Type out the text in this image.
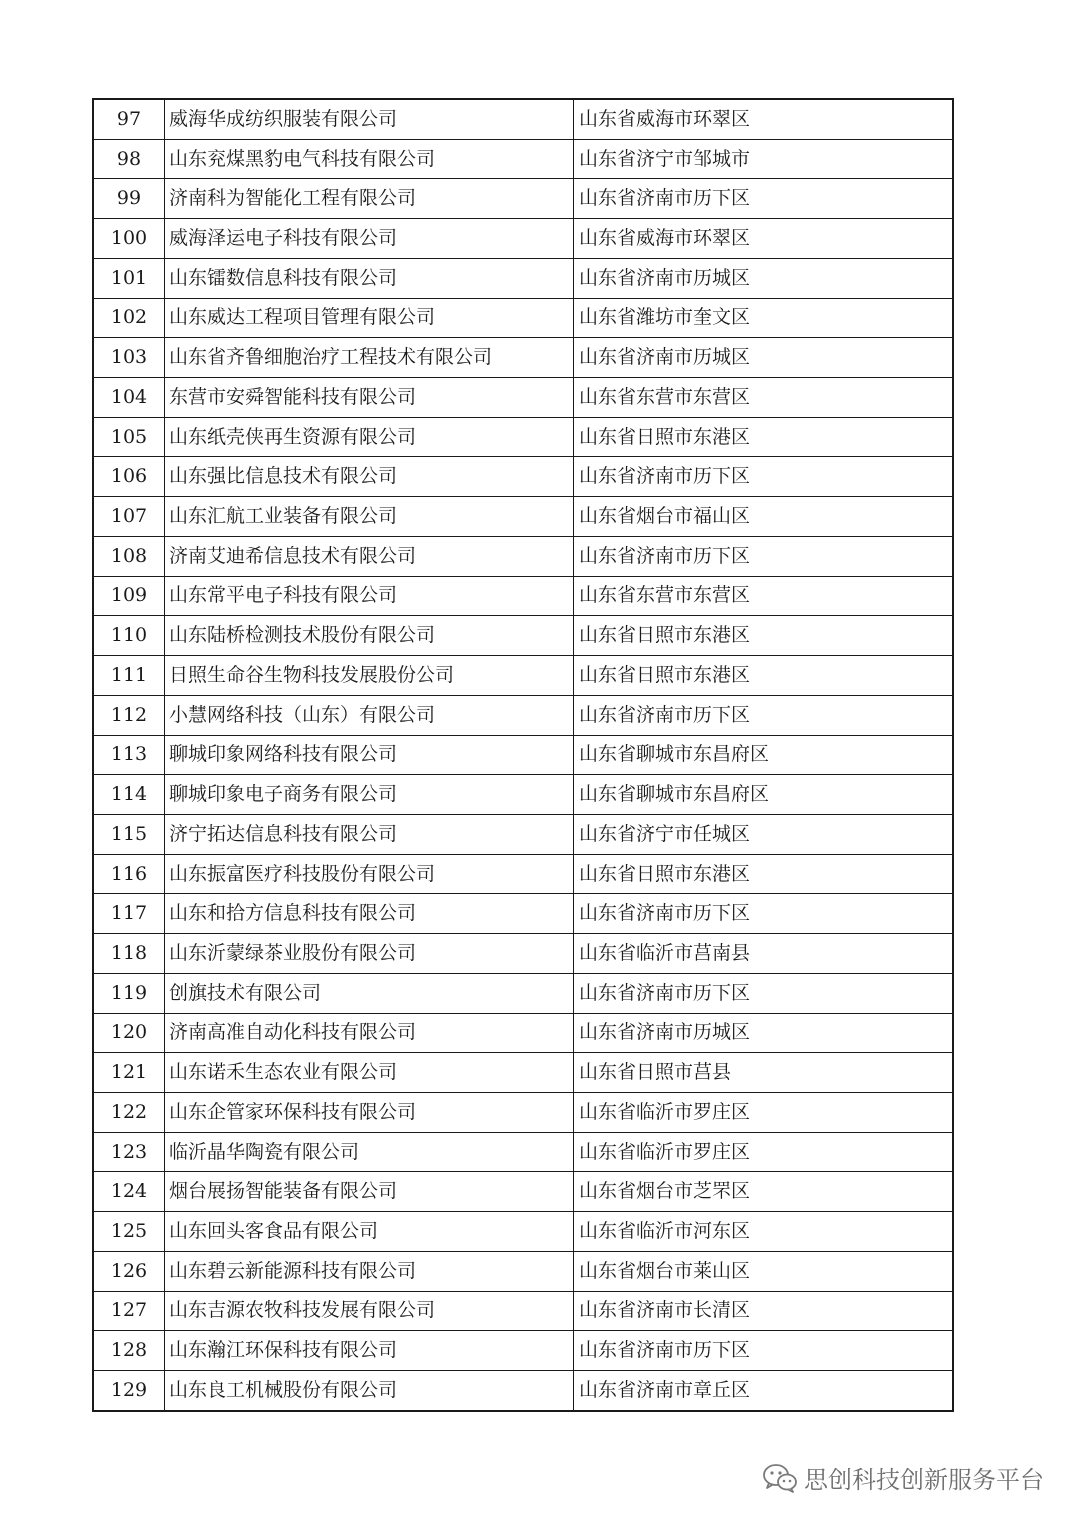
97	威海华成纺织服装有限公司	山东省威海市环翠区
98	山东兖煤黑豹电气科技有限公司	山东省济宁市邹城市
99	济南科为智能化工程有限公司	山东省济南市历下区
100	威海泽运电子科技有限公司	山东省威海市环翠区
101	山东镭数信息科技有限公司	山东省济南市历城区
102	山东威达工程项目管理有限公司	山东省潍坊市奎文区
103	山东省齐鲁细胞治疗工程技术有限公司	山东省济南市历城区
104	东营市安舜智能科技有限公司	山东省东营市东营区
105	山东纸壳侠再生资源有限公司	山东省日照市东港区
106	山东强比信息技术有限公司	山东省济南市历下区
107	山东汇航工业装备有限公司	山东省烟台市福山区
108	济南艾迪希信息技术有限公司	山东省济南市历下区
109	山东常平电子科技有限公司	山东省东营市东营区
110	山东陆桥检测技术股份有限公司	山东省日照市东港区
111	日照生命谷生物科技发展股份公司	山东省日照市东港区
112	小慧网络科技（山东）有限公司	山东省济南市历下区
113	聊城印象网络科技有限公司	山东省聊城市东昌府区
114	聊城印象电子商务有限公司	山东省聊城市东昌府区
115	济宁拓达信息科技有限公司	山东省济宁市任城区
116	山东振富医疗科技股份有限公司	山东省日照市东港区
117	山东和拾方信息科技有限公司	山东省济南市历下区
118	山东沂蒙绿茶业股份有限公司	山东省临沂市莒南县
119	创旗技术有限公司	山东省济南市历下区
120	济南高准自动化科技有限公司	山东省济南市历城区
121	山东诺禾生态农业有限公司	山东省日照市莒县
122	山东企管家环保科技有限公司	山东省临沂市罗庄区
123	临沂晶华陶瓷有限公司	山东省临沂市罗庄区
124	烟台展扬智能装备有限公司	山东省烟台市芝罘区
125	山东回头客食品有限公司	山东省临沂市河东区
126	山东碧云新能源科技有限公司	山东省烟台市莱山区
127	山东吉源农牧科技发展有限公司	山东省济南市长清区
128	山东瀚江环保科技有限公司	山东省济南市历下区
129	山东良工机械股份有限公司	山东省济南市章丘区
思创科技创新服务平台
